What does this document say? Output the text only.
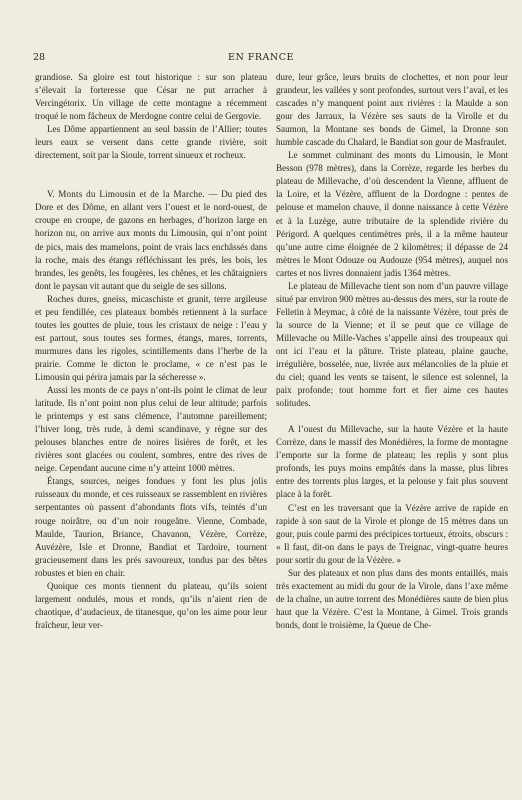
28	EN FRANCE

grandiose. Sa gloire est tout historique : sur son plateau s’élevait la forteresse que César ne put arracher à Vercingétorix. Un village de cette montagne a récemment troqué le nom fâcheux de Merdogne contre celui de Gergovie.

Les Dôme appartiennent au seul bassin de l’Allier; toutes leurs eaux se versent dans cette grande rivière, soit directement, soit par la Sioule, torrent sinueux et rocheux.

V. Monts du Limousin et de la Marche. — Du pied des Dore et des Dôme, en allant vers l’ouest et le nord-ouest, de croupe en croupe, de gazons en herbages, d’horizon large en horizon nu, on arrive aux monts du Limousin, qui n’ont point de pics, mais des mamelons, point de vrais lacs enchâssés dans la roche, mais des étangs réfléchissant les prés, les bois, les brandes, les genêts, les fougères, les chênes, et les châtaigniers dont le paysan vit autant que du seigle de ses sillons.

Roches dures, gneiss, micaschiste et granit, terre argileuse et peu fendillée, ces plateaux bombés retiennent à la surface toutes les gouttes de pluie, tous les cristaux de neige : l’eau y est partout, sous toutes ses formes, étangs, mares, torrents, murmures dans les rigoles, scintillements dans l’herbe de la prairie. Comme le dicton le proclame, « ce n’est pas le Limousin qui périra jamais par la sécheresse ».

Aussi les monts de ce pays n’ont-ils point le climat de leur latitude. Ils n’ont point non plus celui de leur altitude; parfois le printemps y est sans clémence, l’automne pareillement; l’hiver long, très rude, à demi scandinave, y règne sur des pelouses blanches entre de noires lisières de forêt, et les rivières sont glacées ou coulent, sombres, entre des rives de neige. Cependant aucune cime n’y atteint 1000 mètres.

Étangs, sources, neiges fondues y font les plus jolis ruisseaux du monde, et ces ruisseaux se rassemblent en rivières serpentantes où passent d’abondants flots vifs, teintés d’un rouge noirâtre, ou d’un noir rougeâtre. Vienne, Combade, Maulde, Taurion, Briance, Chavanon, Vézère, Corrèze, Auvézère, Isle et Dronne, Bandiat et Tardoire, tournent gracieusement dans les prés savoureux, tondus par des bêtes robustes et bien en chair.

Quoique ces monts tiennent du plateau, qu’ils soient largement ondulés, mous et ronds, qu’ils n’aient rien de chaotique, d’audacieux, de titanesque, qu’on les aime pour leur fraîcheur, leur ver-

dure, leur grâce, leurs bruits de clochettes, et non pour leur grandeur, les vallées y sont profondes, surtout vers l’aval, et les cascades n’y manquent point aux rivières : la Maulde a son gour des Jarraux, la Vézère ses sauts de la Virolle et du Saumon, la Montane ses bonds de Gimel, la Dronne son humble cascade du Chalard, le Bandiat son gour de Masfraulet.

Le sommet culminant des monts du Limousin, le Mont Besson (978 mètres), dans la Corrèze, regarde les herbes du plateau de Millevache, d’où descendent la Vienne, affluent de la Loire, et la Vézère, affluent de la Dordogne : pentes de pelouse et mamelon chauve, il donne naissance à cette Vézère et à la Luzège, autre tributaire de la splendide rivière du Périgord. A quelques centimètres près, il a la même hauteur qu’une autre cime éloignée de 2 kilomètres; il dépasse de 24 mètres le Mont Odouze ou Audouze (954 mètres), auquel nos cartes et nos livres donnaient jadis 1364 mètres.

Le plateau de Millevache tient son nom d’un pauvre village situé par environ 900 mètres au-dessus des mers, sur la route de Felletin à Meymac, à côté de la naissante Vézère, tout près de la source de la Vienne; et il se peut que ce village de Millevache ou Mille-Vaches s’appelle ainsi des troupeaux qui ont ici l’eau et la pâture. Triste plateau, plaine gauche, irrégulière, bosselée, nue, livrée aux mélancolies de la pluie et du ciel; quand les vents se taisent, le silence est solennel, la paix profonde; tout homme fort et fier aime ces hautes solitudes.

A l’ouest du Millevache, sur la haute Vézère et la haute Corrèze, dans le massif des Monédières, la forme de montagne l’emporte sur la forme de plateau; les replis y sont plus profonds, les puys moins empâtés dans la masse, plus libres entre des torrents plus larges, et la pelouse y fait plus souvent place à la forêt.

C’est en les traversant que la Vézère arrive de rapide en rapide à son saut de la Virole et plonge de 15 mètres dans un gour, puis coule parmi des précipices tortueux, étroits, obscurs : « Il faut, dit-on dans le pays de Treignac, vingt-quatre heures pour sortir du gour de la Vézère. »

Sur des plateaux et non plus dans des monts entaillés, mais très exactement au midi du gour de la Virole, dans l’axe même de la chaîne, un autre torrent des Monédières saute de bien plus haut que la Vézère. C’est la Montane, à Gimel. Trois grands bonds, dont le troisième, la Queue de Che-
